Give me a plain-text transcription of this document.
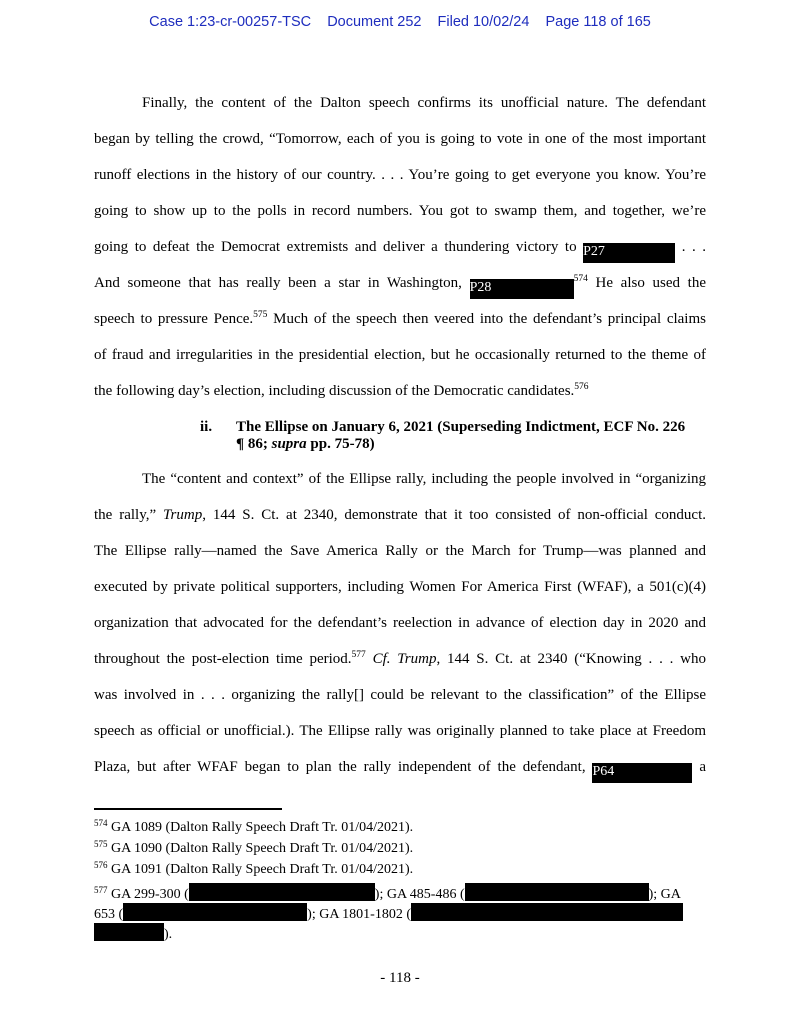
Case 1:23-cr-00257-TSC Document 252 Filed 10/02/24 Page 118 of 165
Finally, the content of the Dalton speech confirms its unofficial nature. The defendant
began by telling the crowd, “Tomorrow, each of you is going to vote in one of the most important
runoff elections in the history of our country. . . . You’re going to get everyone you know. You’re
going to show up to the polls in record numbers. You got to swamp them, and together, we’re
going to defeat the Democrat extremists and deliver a thundering victory to P27	. . .
And someone that has really been a star in Washington, $P28^{574}$ He also used the
speech to pressure Pence.$^{575}$ Much of the speech then veered into the defendant’s principal claims
of fraud and irregularities in the presidential election, but he occasionally returned to the theme of
the following day’s election, including discussion of the Democratic candidates.$^{576}$
ii. The Ellipse on January 6, 2021 (Superseding Indictment, ECF No. 226
¶ 86; supra pp. 75-78)
The “content and context” of the Ellipse rally, including the people involved in “organizing
the rally,” Trump, 144 S. Ct. at 2340, demonstrate that it too consisted of non-official conduct.
The Ellipse rally—named the Save America Rally or the March for Trump—was planned and
executed by private political supporters, including Women For America First (WFAF), a 501(c)(4)
organization that advocated for the defendant’s reelection in advance of election day in 2020 and
throughout the post-election time period.$^{577}$ Cf. Trump, 144 S. Ct. at 2340 (“Knowing . . . who
was involved in . . . organizing the rally[] could be relevant to the classification” of the Ellipse
speech as official or unofficial.). The Ellipse rally was originally planned to take place at Freedom
Plaza, but after WFAF began to plan the rally independent of the defendant, P64	a
$^{574}$ GA 1089 (Dalton Rally Speech Draft Tr. 01/04/2021).
$^{575}$ GA 1090 (Dalton Rally Speech Draft Tr. 01/04/2021).
$^{576}$ GA 1091 (Dalton Rally Speech Draft Tr. 01/04/2021).
$^{577}$ GA 299-300 (	); GA 485-486 (	); GA
653 (	); GA 1801-1802 (
).
- 118 -
